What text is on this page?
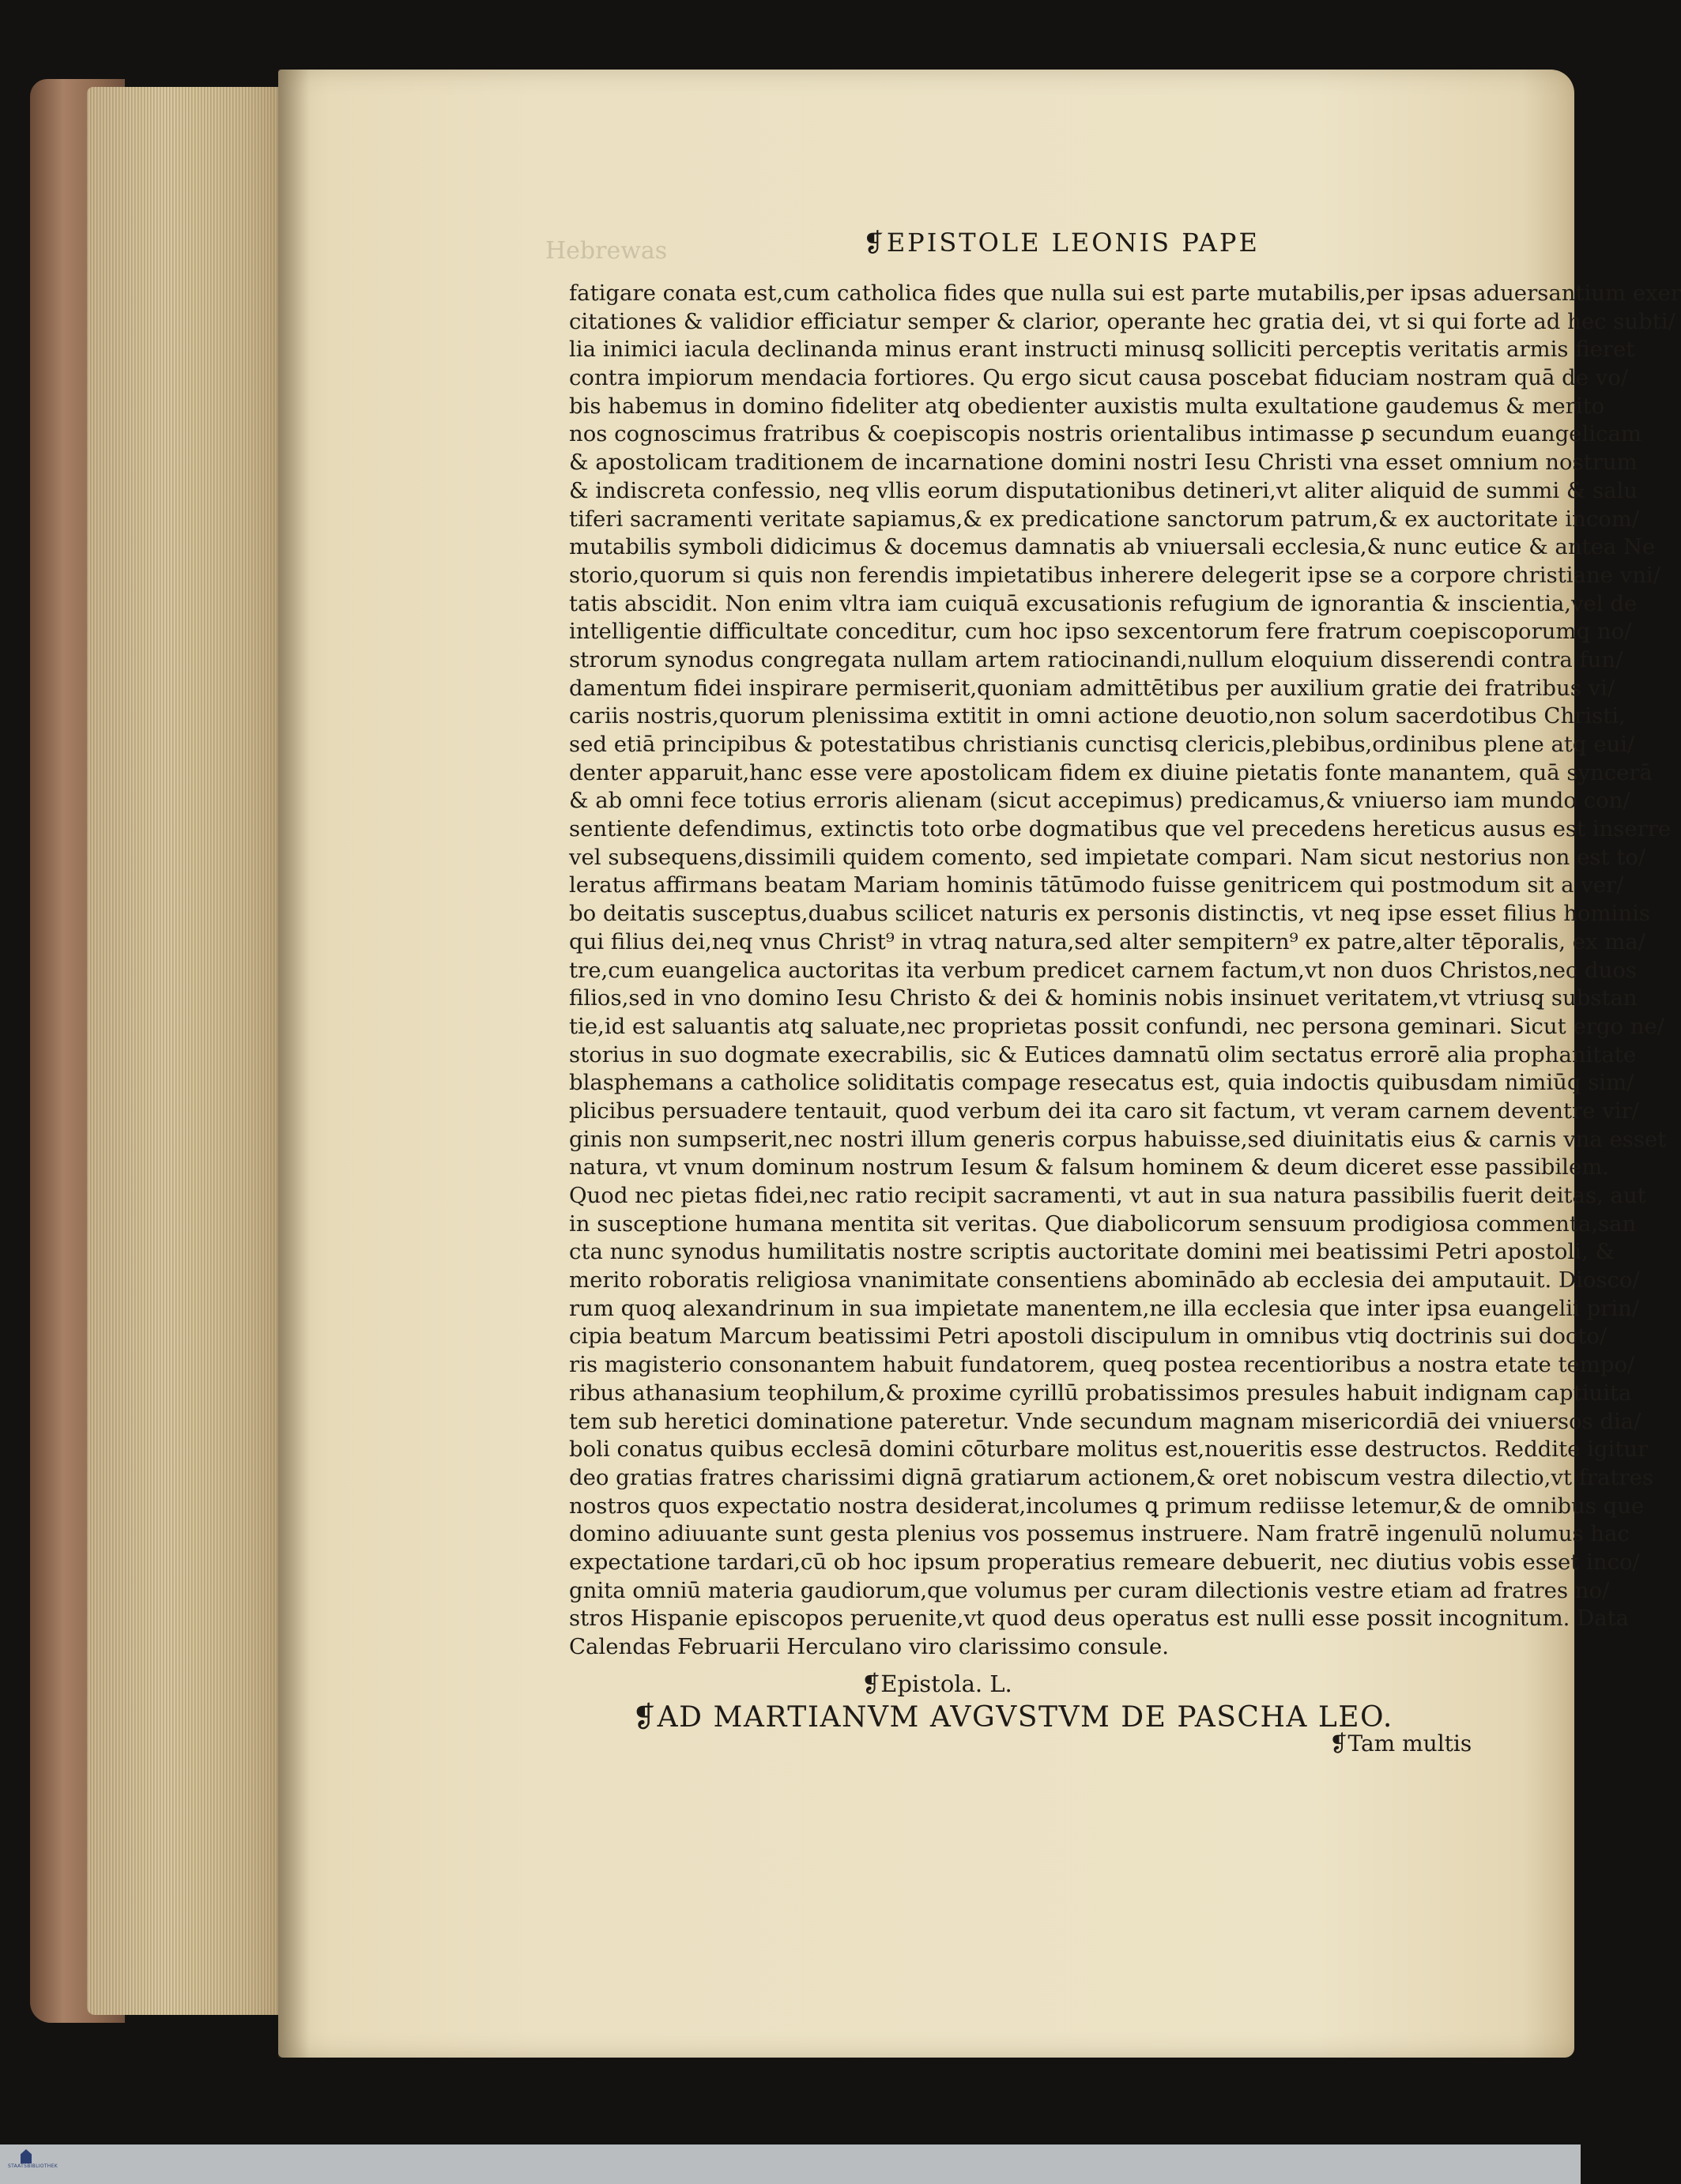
Hebrewas	❡EPISTOLE LEONIS PAPE
fatigare conata est,cum catholica fides que nulla sui est parte mutabilis,per ipsas aduersantium exer
citationes & validior efficiatur semper & clarior, operante hec gratia dei, vt si qui forte ad hec subti/
lia inimici iacula declinanda minus erant instructi minusq̧ solliciti perceptis veritatis armis fieret
contra impiorum mendacia fortiores. Qu ergo sicut causa poscebat fiduciam nostram quā de vo/
bis habemus in domino fideliter atq̧ obedienter auxistis multa exultatione gaudemus & merito
nos cognoscimus fratribus & coepiscopis nostris orientalibus intimasse ꝑ secundum euangelicam
& apostolicam traditionem de incarnatione domini nostri Iesu Christi vna esset omnium nostrum
& indiscreta confessio, neq̧ vllis eorum disputationibus detineri,vt aliter aliquid de summi & salu
tiferi sacramenti veritate sapiamus,& ex predicatione sanctorum patrum,& ex auctoritate incom/
mutabilis symboli didicimus & docemus damnatis ab vniuersali ecclesia,& nunc eutice & antea Ne
storio,quorum si quis non ferendis impietatibus inherere delegerit ipse se a corpore christiane vni/
tatis abscidit. Non enim vltra iam cuiquā excusationis refugium de ignorantia & inscientia,vel de
intelligentie difficultate conceditur, cum hoc ipso sexcentorum fere fratrum coepiscoporumq̧ no/
strorum synodus congregata nullam artem ratiocinandi,nullum eloquium disserendi contra fun/
damentum fidei inspirare permiserit,quoniam admittētibus per auxilium gratie dei fratribus vi/
cariis nostris,quorum plenissima extitit in omni actione deuotio,non solum sacerdotibus Christi,
sed etiā principibus & potestatibus christianis cunctisq̧ clericis,plebibus,ordinibus plene atq̧ eui/
denter apparuit,hanc esse vere apostolicam fidem ex diuine pietatis fonte manantem, quā syncerā
& ab omni fece totius erroris alienam (sicut accepimus) predicamus,& vniuerso iam mundo con/
sentiente defendimus, extinctis toto orbe dogmatibus que vel precedens hereticus ausus est inserre
vel subsequens,dissimili quidem comento, sed impietate compari. Nam sicut nestorius non est to/
leratus affirmans beatam Mariam hominis tātūmodo fuisse genitricem qui postmodum sit a ver/
bo deitatis susceptus,duabus scilicet naturis ex personis distinctis, vt neq̧ ipse esset filius hominis
qui filius dei,neq̧ vnus Christ⁹ in vtraq̧ natura,sed alter sempitern⁹ ex patre,alter tēporalis, ex ma/
tre,cum euangelica auctoritas ita verbum predicet carnem factum,vt non duos Christos,nec duos
filios,sed in vno domino Iesu Christo & dei & hominis nobis insinuet veritatem,vt vtriusq̧ substan
tie,id est saluantis atq̧ saluate,nec proprietas possit confundi, nec persona geminari. Sicut ergo ne/
storius in suo dogmate execrabilis, sic & Eutices damnatū olim sectatus errorē alia prophanitate
blasphemans a catholice soliditatis compage resecatus est, quia indoctis quibusdam nimiūq̧ sim/
plicibus persuadere tentauit, quod verbum dei ita caro sit factum, vt veram carnem deventre vir/
ginis non sumpserit,nec nostri illum generis corpus habuisse,sed diuinitatis eius & carnis vna esset
natura, vt vnum dominum nostrum Iesum & falsum hominem & deum diceret esse passibilem.
Quod nec pietas fidei,nec ratio recipit sacramenti, vt aut in sua natura passibilis fuerit deitas, aut
in susceptione humana mentita sit veritas. Que diabolicorum sensuum prodigiosa commenta,san
cta nunc synodus humilitatis nostre scriptis auctoritate domini mei beatissimi Petri apostoli, &
merito roboratis religiosa vnanimitate consentiens abominādo ab ecclesia dei amputauit. Diosco/
rum quoq̧ alexandrinum in sua impietate manentem,ne illa ecclesia que inter ipsa euangelii prin/
cipia beatum Marcum beatissimi Petri apostoli discipulum in omnibus vtiq̧ doctrinis sui docto/
ris magisterio consonantem habuit fundatorem, queq̧ postea recentioribus a nostra etate tempo/
ribus athanasium teophilum,& proxime cyrillū probatissimos presules habuit indignam captiuita
tem sub heretici dominatione pateretur. Vnde secundum magnam misericordiā dei vniuersos dia/
boli conatus quibus ecclesā domini cōturbare molitus est,noueritis esse destructos. Reddite igitur
deo gratias fratres charissimi dignā gratiarum actionem,& oret nobiscum vestra dilectio,vt fratres
nostros quos expectatio nostra desiderat,incolumes ꝗ primum rediisse letemur,& de omnibus que
domino adiuuante sunt gesta plenius vos possemus instruere. Nam fratrē ingenulū nolumus hac
expectatione tardari,cū ob hoc ipsum properatius remeare debuerit, nec diutius vobis esset inco/
gnita omniū materia gaudiorum,que volumus per curam dilectionis vestre etiam ad fratres no/
stros Hispanie episcopos peruenite,vt quod deus operatus est nulli esse possit incognitum. Data
Calendas Februarii Herculano viro clarissimo consule.
❡Epistola. L.
❡AD MARTIANVM AVGVSTVM DE PASCHA LEO.
❡Tam multis
STAATSBIBLIOTHEK
